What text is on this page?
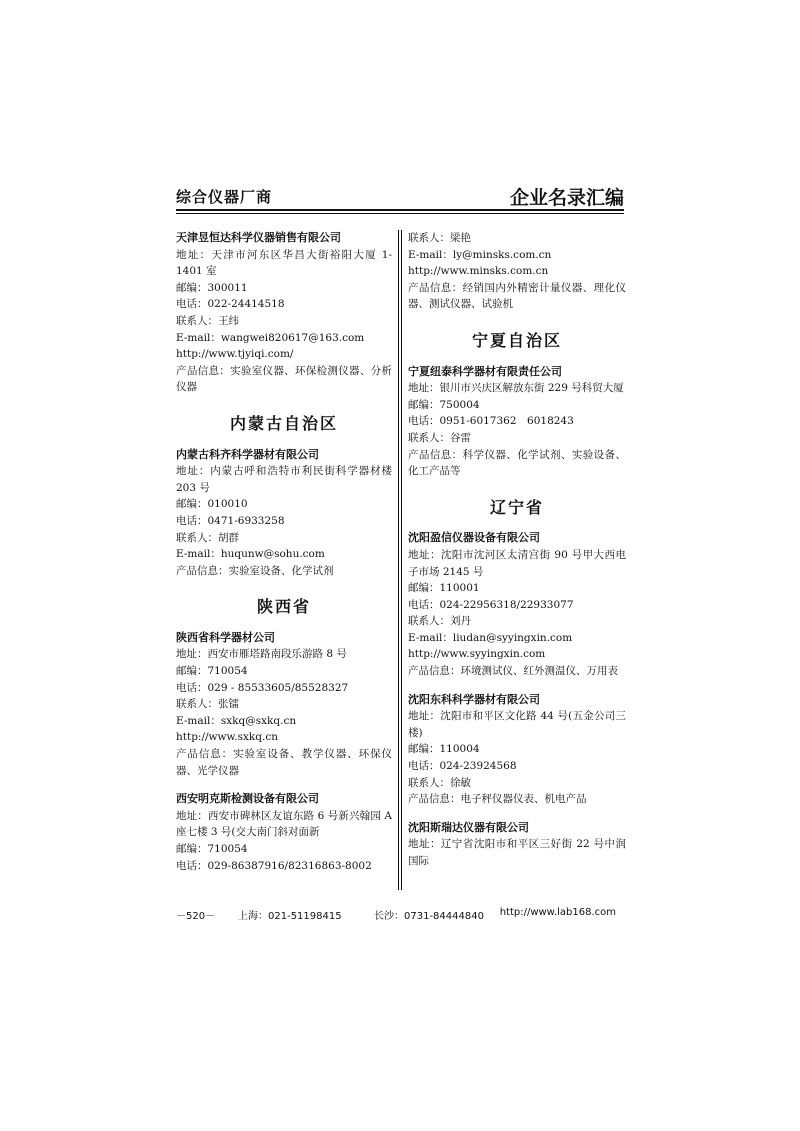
综合仪器厂商	企业名录汇编
天津昱恒达科学仪器销售有限公司
地址：天津市河东区华昌大街裕阳大厦 1-1401 室
邮编：300011
电话：022-24414518
联系人：王纬
E-mail：wangwei820617@163.com
http://www.tjyiqi.com/
产品信息：实验室仪器、环保检测仪器、分析仪器
内蒙古自治区
内蒙古科齐科学器材有限公司
地址：内蒙古呼和浩特市利民街科学器材楼 203 号
邮编：010010
电话：0471-6933258
联系人：胡群
E-mail：huqunw@sohu.com
产品信息：实验室设备、化学试剂
陕西省
陕西省科学器材公司
地址：西安市雁塔路南段乐游路 8 号
邮编：710054
电话：029 - 85533605/85528327
联系人：张镭
E-mail：sxkq@sxkq.cn
http://www.sxkq.cn
产品信息：实验室设备、教学仪器、环保仪器、光学仪器
西安明克斯检测设备有限公司
地址：西安市碑林区友谊东路 6 号新兴翰园 A 座七楼 3 号(交大南门斜对面新
邮编：710054
电话：029-86387916/82316863-8002
联系人：梁艳
E-mail：ly@minsks.com.cn
http://www.minsks.com.cn
产品信息：经销国内外精密计量仪器、理化仪器、测试仪器、试验机
宁夏自治区
宁夏纽泰科学器材有限责任公司
地址：银川市兴庆区解放东街 229 号科贸大厦
邮编：750004
电话：0951-6017362　6018243
联系人：谷雷
产品信息：科学仪器、化学试剂、实验设备、化工产品等
辽宁省
沈阳盈信仪器设备有限公司
地址：沈阳市沈河区太清宫街 90 号甲大西电子市场 2145 号
邮编：110001
电话：024-22956318/22933077
联系人：刘丹
E-mail：liudan@syyingxin.com
http://www.syyingxin.com
产品信息：环境测试仪、红外测温仪、万用表
沈阳东科科学器材有限公司
地址：沈阳市和平区文化路 44 号(五金公司三楼)
邮编：110004
电话：024-23924568
联系人：徐敏
产品信息：电子秤仪器仪表、机电产品
沈阳斯瑞达仪器有限公司
地址：辽宁省沈阳市和平区三好街 22 号中润国际
－520－ 上海：021-51198415	长沙：0731-84444840 http://www.lab168.com
